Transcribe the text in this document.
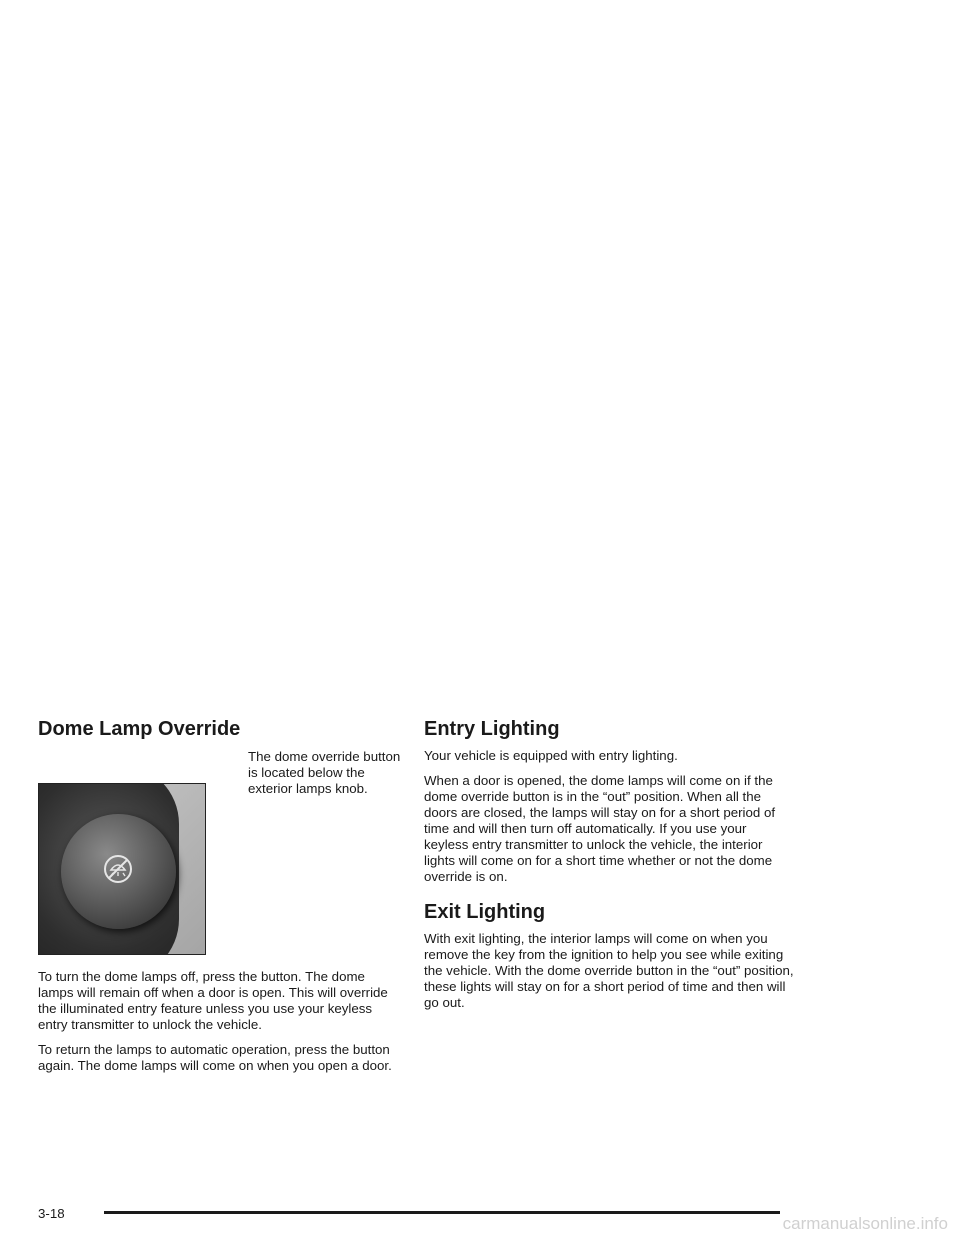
Dome Lamp Override

The dome override button is located below the exterior lamps knob.

To turn the dome lamps off, press the button. The dome lamps will remain off when a door is open. This will override the illuminated entry feature unless you use your keyless entry transmitter to unlock the vehicle.

To return the lamps to automatic operation, press the button again. The dome lamps will come on when you open a door.

Entry Lighting

Your vehicle is equipped with entry lighting.

When a door is opened, the dome lamps will come on if the dome override button is in the “out” position. When all the doors are closed, the lamps will stay on for a short period of time and will then turn off automatically. If you use your keyless entry transmitter to unlock the vehicle, the interior lights will come on for a short time whether or not the dome override is on.

Exit Lighting

With exit lighting, the interior lamps will come on when you remove the key from the ignition to help you see while exiting the vehicle. With the dome override button in the “out” position, these lights will stay on for a short period of time and then will go out.

3-18
carmanualsonline.info
